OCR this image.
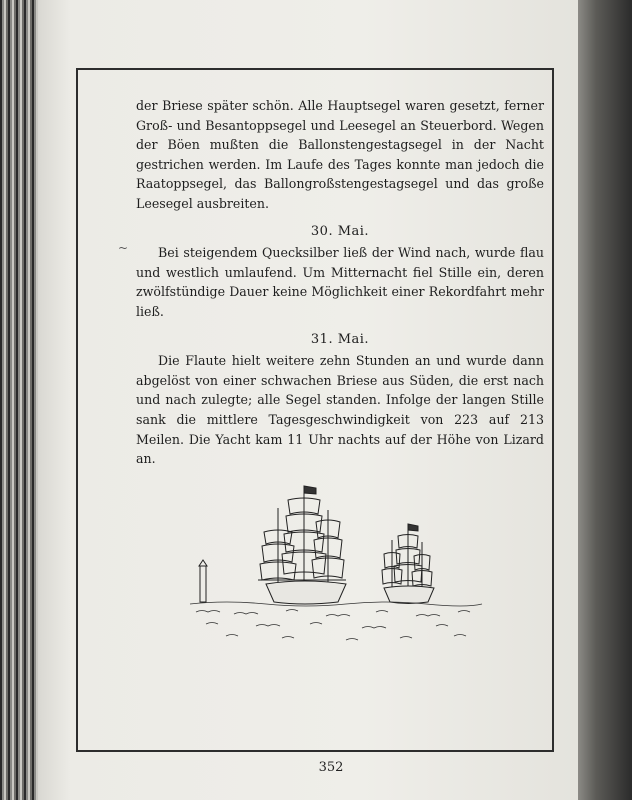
~

der Briese später schön. Alle Hauptsegel waren gesetzt, ferner Groß- und Besantoppsegel und Leesegel an Steuerbord. Wegen der Böen mußten die Ballonstengestagsegel in der Nacht gestrichen werden. Im Laufe des Tages konnte man jedoch die Raatoppsegel, das Ballongroßstengestagsegel und das große Leesegel ausbreiten.

30. Mai.

Bei steigendem Quecksilber ließ der Wind nach, wurde flau und westlich umlaufend. Um Mitternacht fiel Stille ein, deren zwölfstündige Dauer keine Möglichkeit einer Rekordfahrt mehr ließ.

31. Mai.

Die Flaute hielt weitere zehn Stunden an und wurde dann abgelöst von einer schwachen Briese aus Süden, die erst nach und nach zulegte; alle Segel standen. Infolge der langen Stille sank die mittlere Tagesgeschwindigkeit von 223 auf 213 Meilen. Die Yacht kam 11 Uhr nachts auf der Höhe von Lizard an.

352
